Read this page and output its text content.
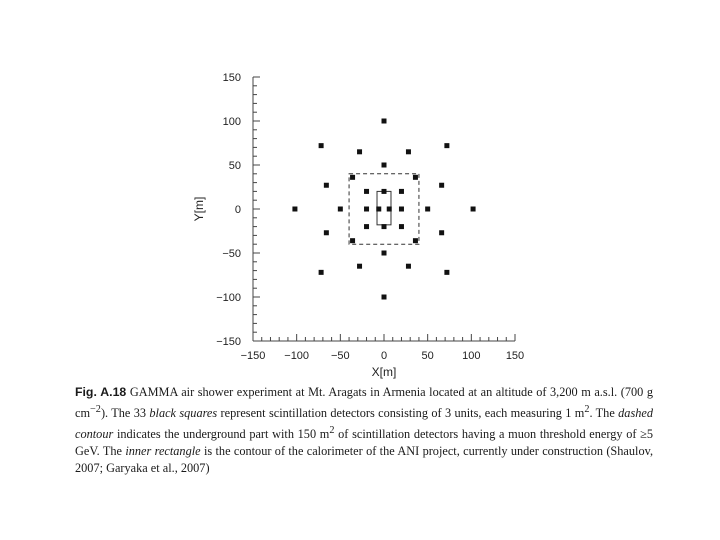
150
100
50
0
−50
−100
−150
−150 −100 −50	0	50	100 150
X[m]
Y[m]
Fig. A.18 GAMMA air shower experiment at Mt. Aragats in Armenia located at an altitude of 3,200 m a.s.l. (700 g $cm^{-2}$). The 33 black squares represent scintillation detectors consisting of 3 units, each measuring 1 $m^2$. The dashed contour indicates the underground part with 150 $m^2$ of scintillation detectors having a muon threshold energy of ≥5 GeV. The inner rectangle is the contour of the calorimeter of the ANI project, currently under construction (Shaulov, 2007; Garyaka et al., 2007)
